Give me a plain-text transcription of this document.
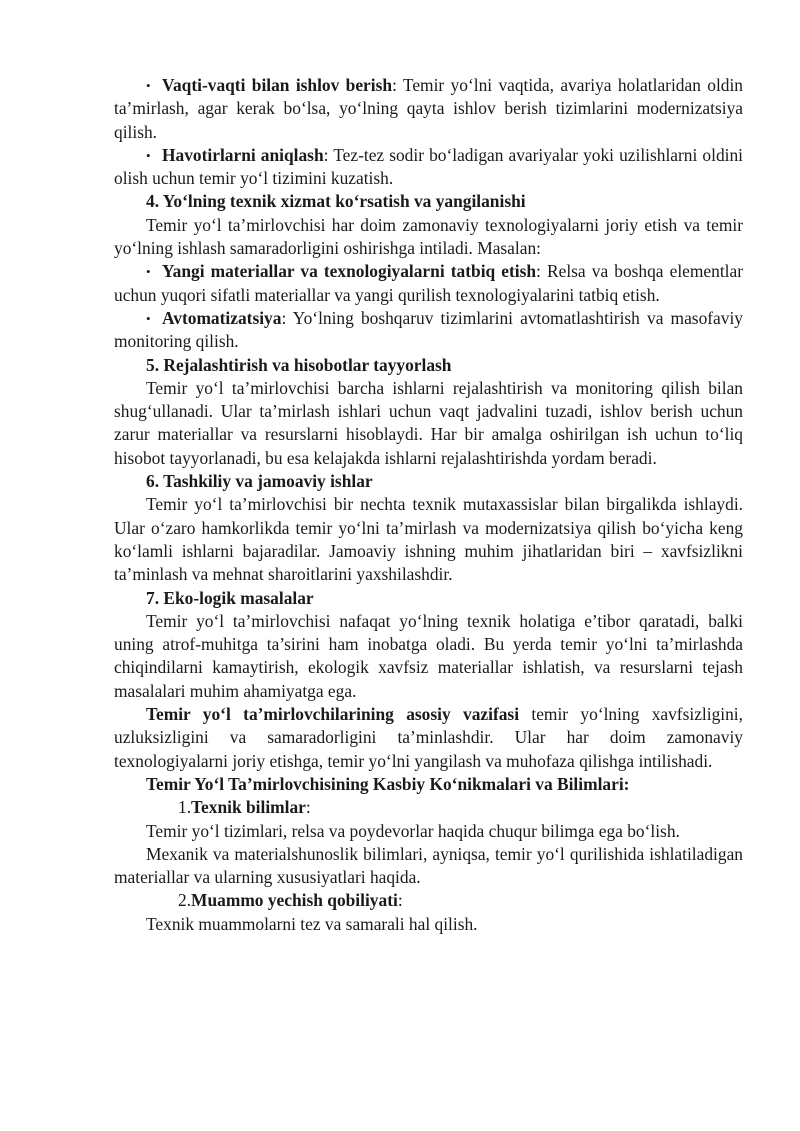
• Vaqti-vaqti bilan ishlov berish: Temir yo‘lni vaqtida, avariya holatlaridan oldin ta’mirlash, agar kerak bo‘lsa, yo‘lning qayta ishlov berish tizimlarini modernizatsiya qilish.

• Havotirlarni aniqlash: Tez-tez sodir bo‘ladigan avariyalar yoki uzilishlarni oldini olish uchun temir yo‘l tizimini kuzatish.

4. Yo‘lning texnik xizmat ko‘rsatish va yangilanishi

Temir yo‘l ta’mirlovchisi har doim zamonaviy texnologiyalarni joriy etish va temir yo‘lning ishlash samaradorligini oshirishga intiladi. Masalan:

• Yangi materiallar va texnologiyalarni tatbiq etish: Relsa va boshqa elementlar uchun yuqori sifatli materiallar va yangi qurilish texnologiyalarini tatbiq etish.

• Avtomatizatsiya: Yo‘lning boshqaruv tizimlarini avtomatlashtirish va masofaviy monitoring qilish.

5. Rejalashtirish va hisobotlar tayyorlash

Temir yo‘l ta’mirlovchisi barcha ishlarni rejalashtirish va monitoring qilish bilan shug‘ullanadi. Ular ta’mirlash ishlari uchun vaqt jadvalini tuzadi, ishlov berish uchun zarur materiallar va resurslarni hisoblaydi. Har bir amalga oshirilgan ish uchun to‘liq hisobot tayyorlanadi, bu esa kelajakda ishlarni rejalashtirishda yordam beradi.

6. Tashkiliy va jamoaviy ishlar

Temir yo‘l ta’mirlovchisi bir nechta texnik mutaxassislar bilan birgalikda ishlaydi. Ular o‘zaro hamkorlikda temir yo‘lni ta’mirlash va modernizatsiya qilish bo‘yicha keng ko‘lamli ishlarni bajaradilar. Jamoaviy ishning muhim jihatlaridan biri – xavfsizlikni ta’minlash va mehnat sharoitlarini yaxshilashdir.

7. Eko-logik masalalar

Temir yo‘l ta’mirlovchisi nafaqat yo‘lning texnik holatiga e’tibor qaratadi, balki uning atrof-muhitga ta’sirini ham inobatga oladi. Bu yerda temir yo‘lni ta’mirlashda chiqindilarni kamaytirish, ekologik xavfsiz materiallar ishlatish, va resurslarni tejash masalalari muhim ahamiyatga ega.

Temir yo‘l ta’mirlovchilarining asosiy vazifasi temir yo‘lning xavfsizligini, uzluksizligini va samaradorligini ta’minlashdir. Ular har doim zamonaviy texnologiyalarni joriy etishga, temir yo‘lni yangilash va muhofaza qilishga intilishadi.

Temir Yo‘l Ta’mirlovchisining Kasbiy Ko‘nikmalari va Bilimlari:

1.Texnik bilimlar:

Temir yo‘l tizimlari, relsa va poydevorlar haqida chuqur bilimga ega bo‘lish.

Mexanik va materialshunoslik bilimlari, ayniqsa, temir yo‘l qurilishida ishlatiladigan materiallar va ularning xususiyatlari haqida.

2.Muammo yechish qobiliyati:

Texnik muammolarni tez va samarali hal qilish.
